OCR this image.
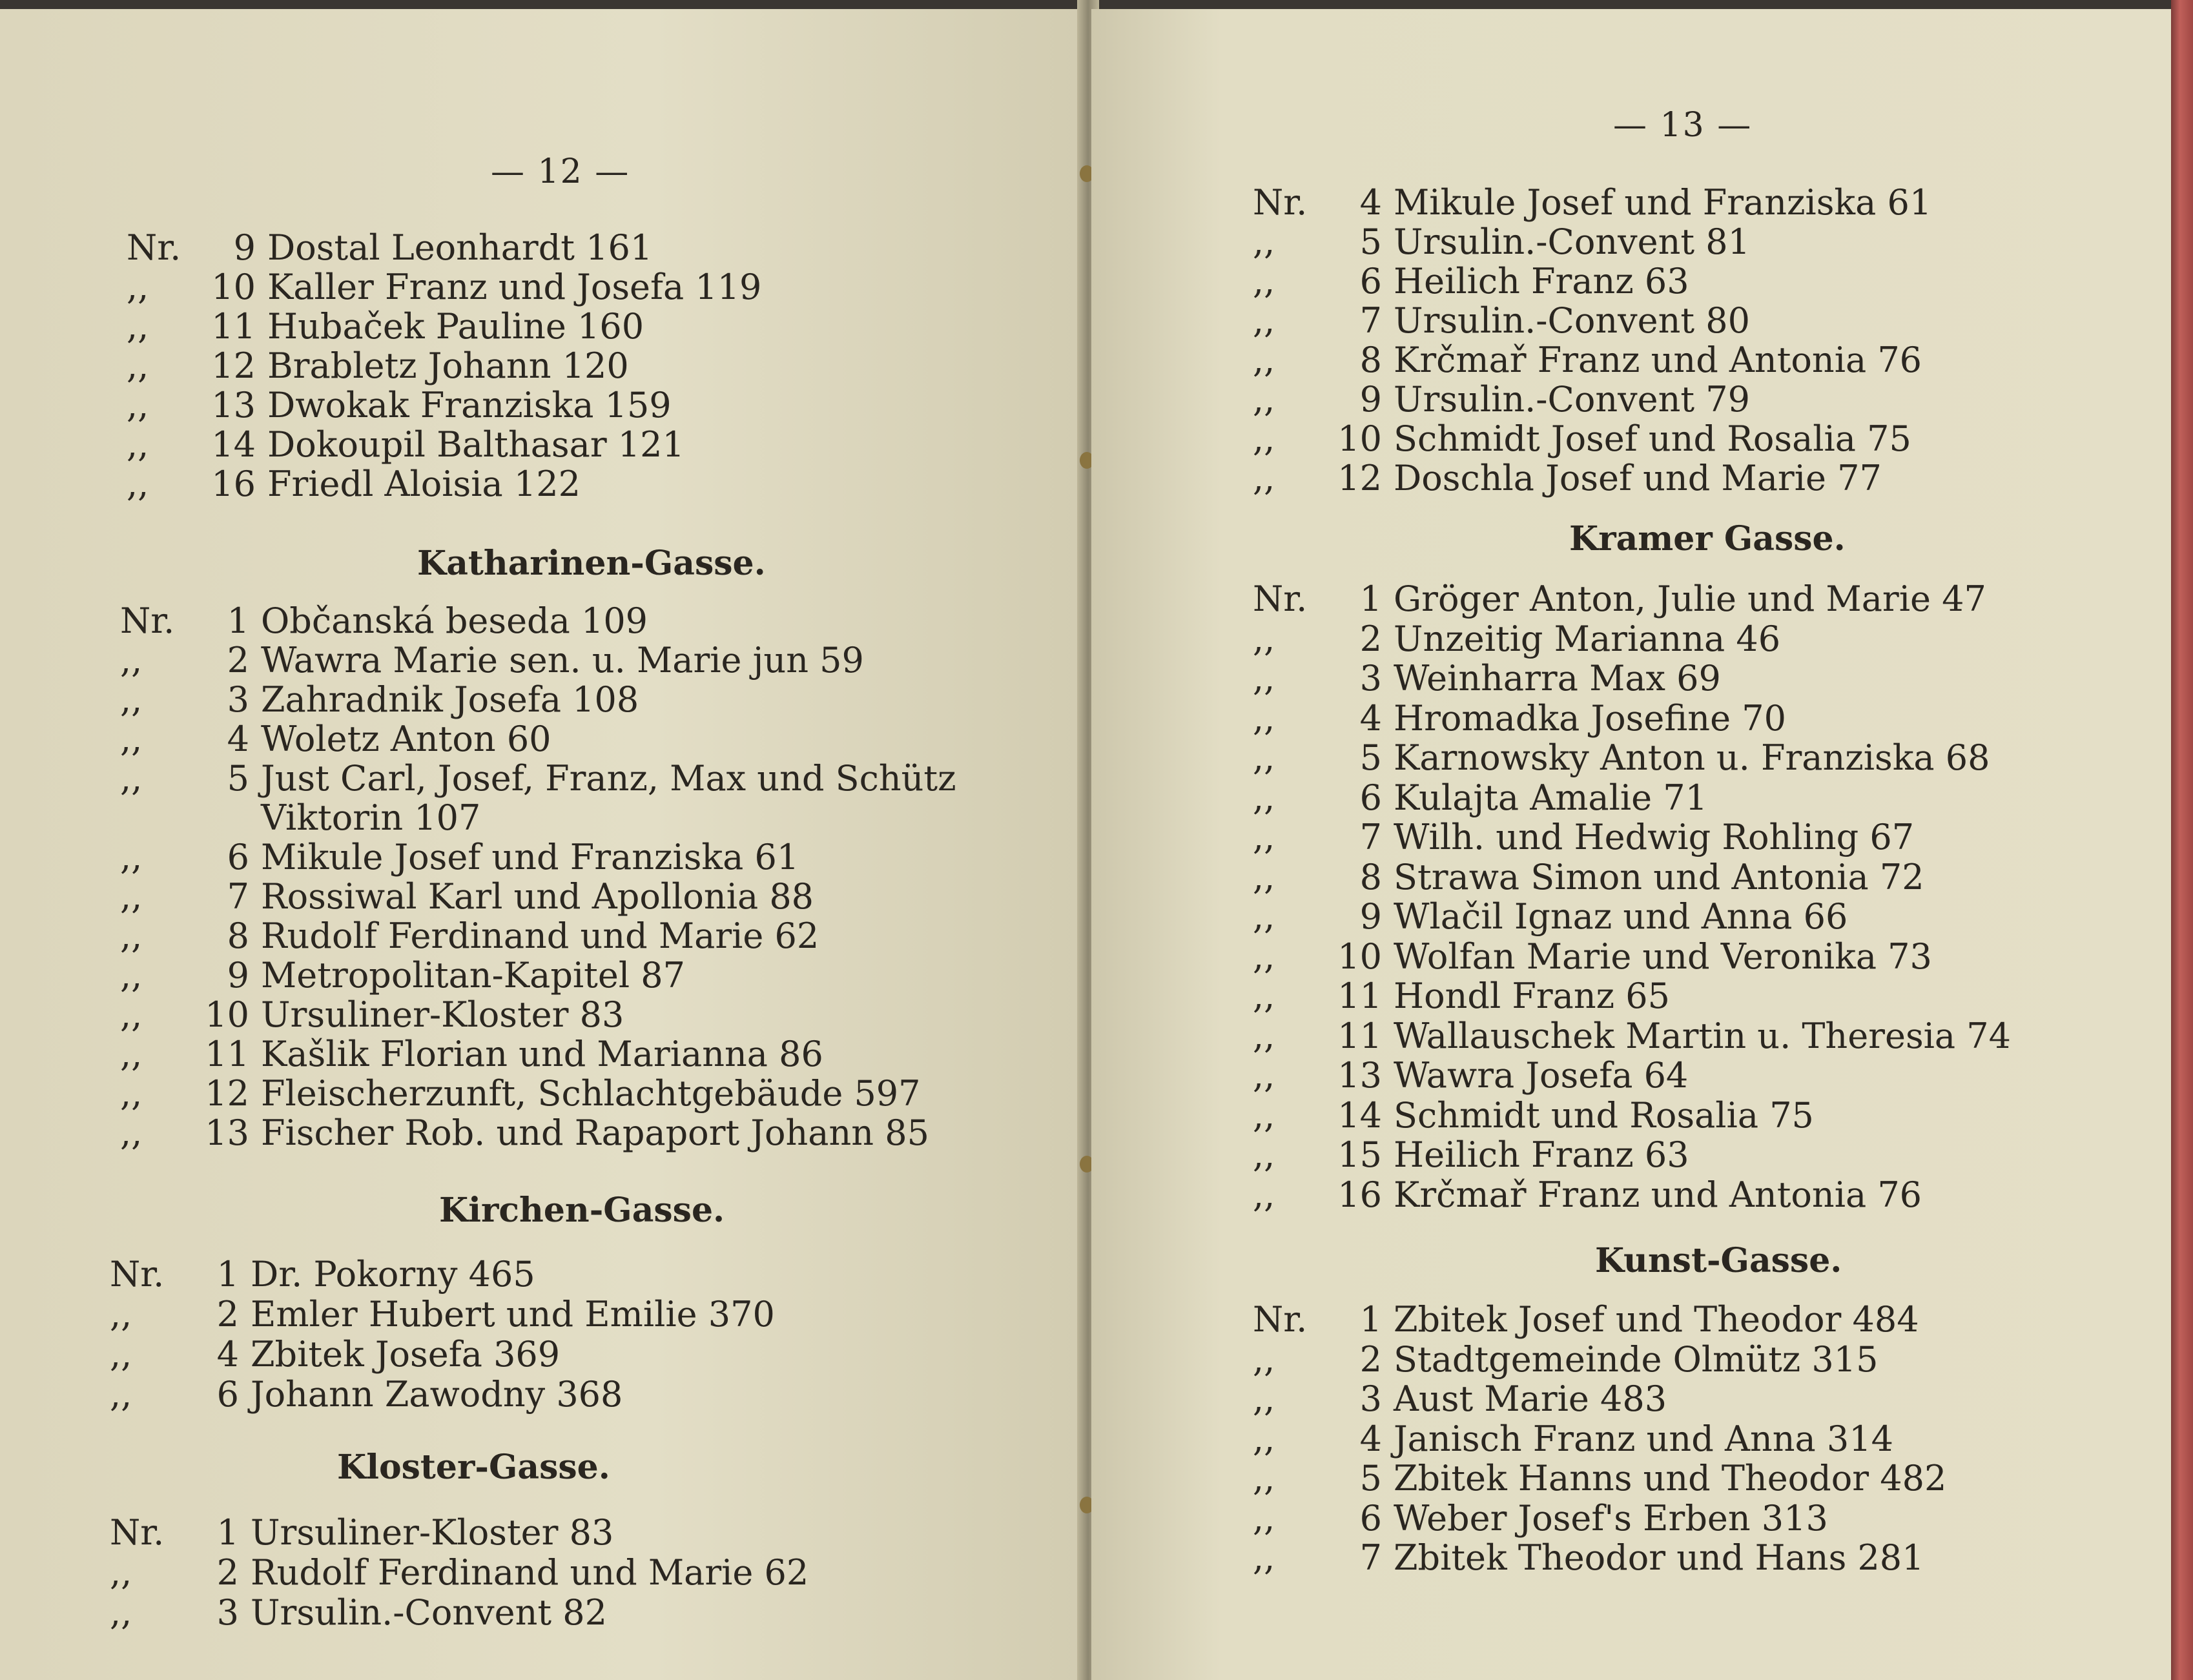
— 12 —
Nr. 9 Dostal Leonhardt 161
,, 10 Kaller Franz und Josefa 119
,, 11 Hubaček Pauline 160
,, 12 Brabletz Johann 120
,, 13 Dwokak Franziska 159
,, 14 Dokoupil Balthasar 121
,, 16 Friedl Aloisia 122
Katharinen-Gasse.
Nr. 1 Občanská beseda 109
,, 2 Wawra Marie sen. u. Marie jun 59
,, 3 Zahradnik Josefa 108
,, 4 Woletz Anton 60
,, 5 Just Carl, Josef, Franz, Max und Schütz
Viktorin 107
,, 6 Mikule Josef und Franziska 61
,, 7 Rossiwal Karl und Apollonia 88
,, 8 Rudolf Ferdinand und Marie 62
,, 9 Metropolitan-Kapitel 87
,, 10 Ursuliner-Kloster 83
,, 11 Kašlik Florian und Marianna 86
,, 12 Fleischerzunft, Schlachtgebäude 597
,, 13 Fischer Rob. und Rapaport Johann 85
Kirchen-Gasse.
Nr. 1 Dr. Pokorny 465
,, 2 Emler Hubert und Emilie 370
,, 4 Zbitek Josefa 369
,, 6 Johann Zawodny 368
Kloster-Gasse.
Nr. 1 Ursuliner-Kloster 83
,, 2 Rudolf Ferdinand und Marie 62
,, 3 Ursulin.-Convent 82
— 13 —
Nr. 4 Mikule Josef und Franziska 61
,, 5 Ursulin.-Convent 81
,, 6 Heilich Franz 63
,, 7 Ursulin.-Convent 80
,, 8 Krčmař Franz und Antonia 76
,, 9 Ursulin.-Convent 79
,, 10 Schmidt Josef und Rosalia 75
,, 12 Doschla Josef und Marie 77
Kramer Gasse.
Nr. 1 Gröger Anton, Julie und Marie 47
,, 2 Unzeitig Marianna 46
,, 3 Weinharra Max 69
,, 4 Hromadka Josefine 70
,, 5 Karnowsky Anton u. Franziska 68
,, 6 Kulajta Amalie 71
,, 7 Wilh. und Hedwig Rohling 67
,, 8 Strawa Simon und Antonia 72
,, 9 Wlačil Ignaz und Anna 66
,, 10 Wolfan Marie und Veronika 73
,, 11 Hondl Franz 65
,, 11 Wallauschek Martin u. Theresia 74
,, 13 Wawra Josefa 64
,, 14 Schmidt und Rosalia 75
,, 15 Heilich Franz 63
,, 16 Krčmař Franz und Antonia 76
Kunst-Gasse.
Nr. 1 Zbitek Josef und Theodor 484
,, 2 Stadtgemeinde Olmütz 315
,, 3 Aust Marie 483
,, 4 Janisch Franz und Anna 314
,, 5 Zbitek Hanns und Theodor 482
,, 6 Weber Josef's Erben 313
,, 7 Zbitek Theodor und Hans 281
